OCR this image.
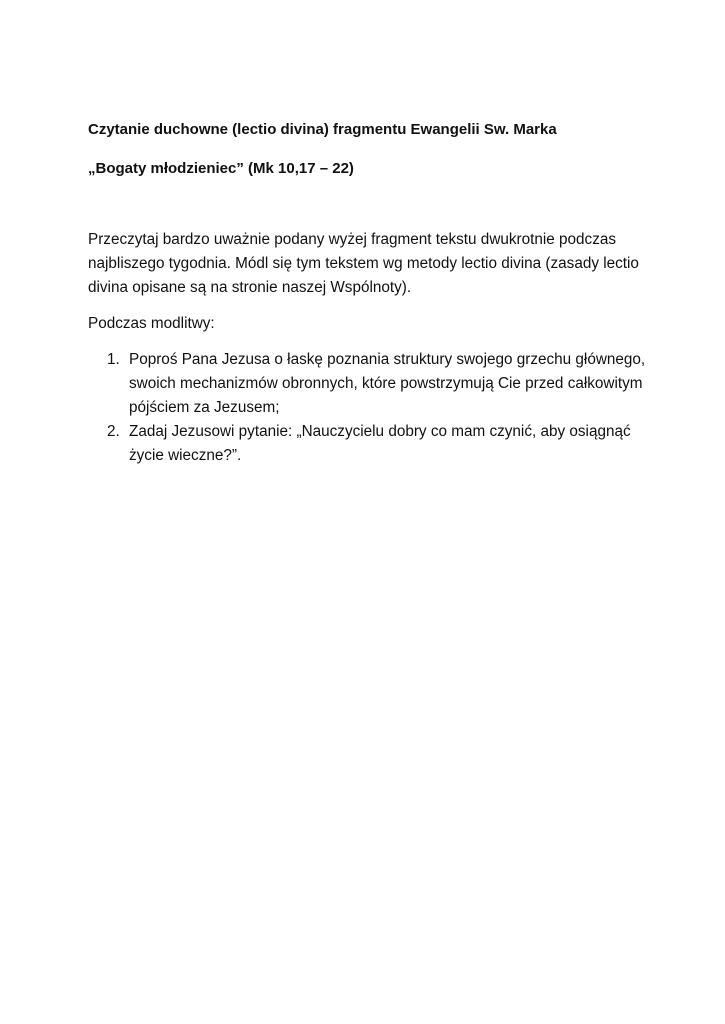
Czytanie duchowne (lectio divina) fragmentu Ewangelii Sw. Marka

„Bogaty młodzieniec” (Mk 10,17 – 22)

Przeczytaj bardzo uważnie podany wyżej fragment tekstu dwukrotnie podczas najbliszego tygodnia. Módl się tym tekstem wg metody lectio divina (zasady lectio divina opisane są na stronie naszej Wspólnoty).

Podczas modlitwy:

1. Poproś Pana Jezusa o łaskę poznania struktury swojego grzechu głównego, swoich mechanizmów obronnych, które powstrzymują Cie przed całkowitym pójściem za Jezusem;
2. Zadaj Jezusowi pytanie: „Nauczycielu dobry co mam czynić, aby osiągnąć życie wieczne?”.
